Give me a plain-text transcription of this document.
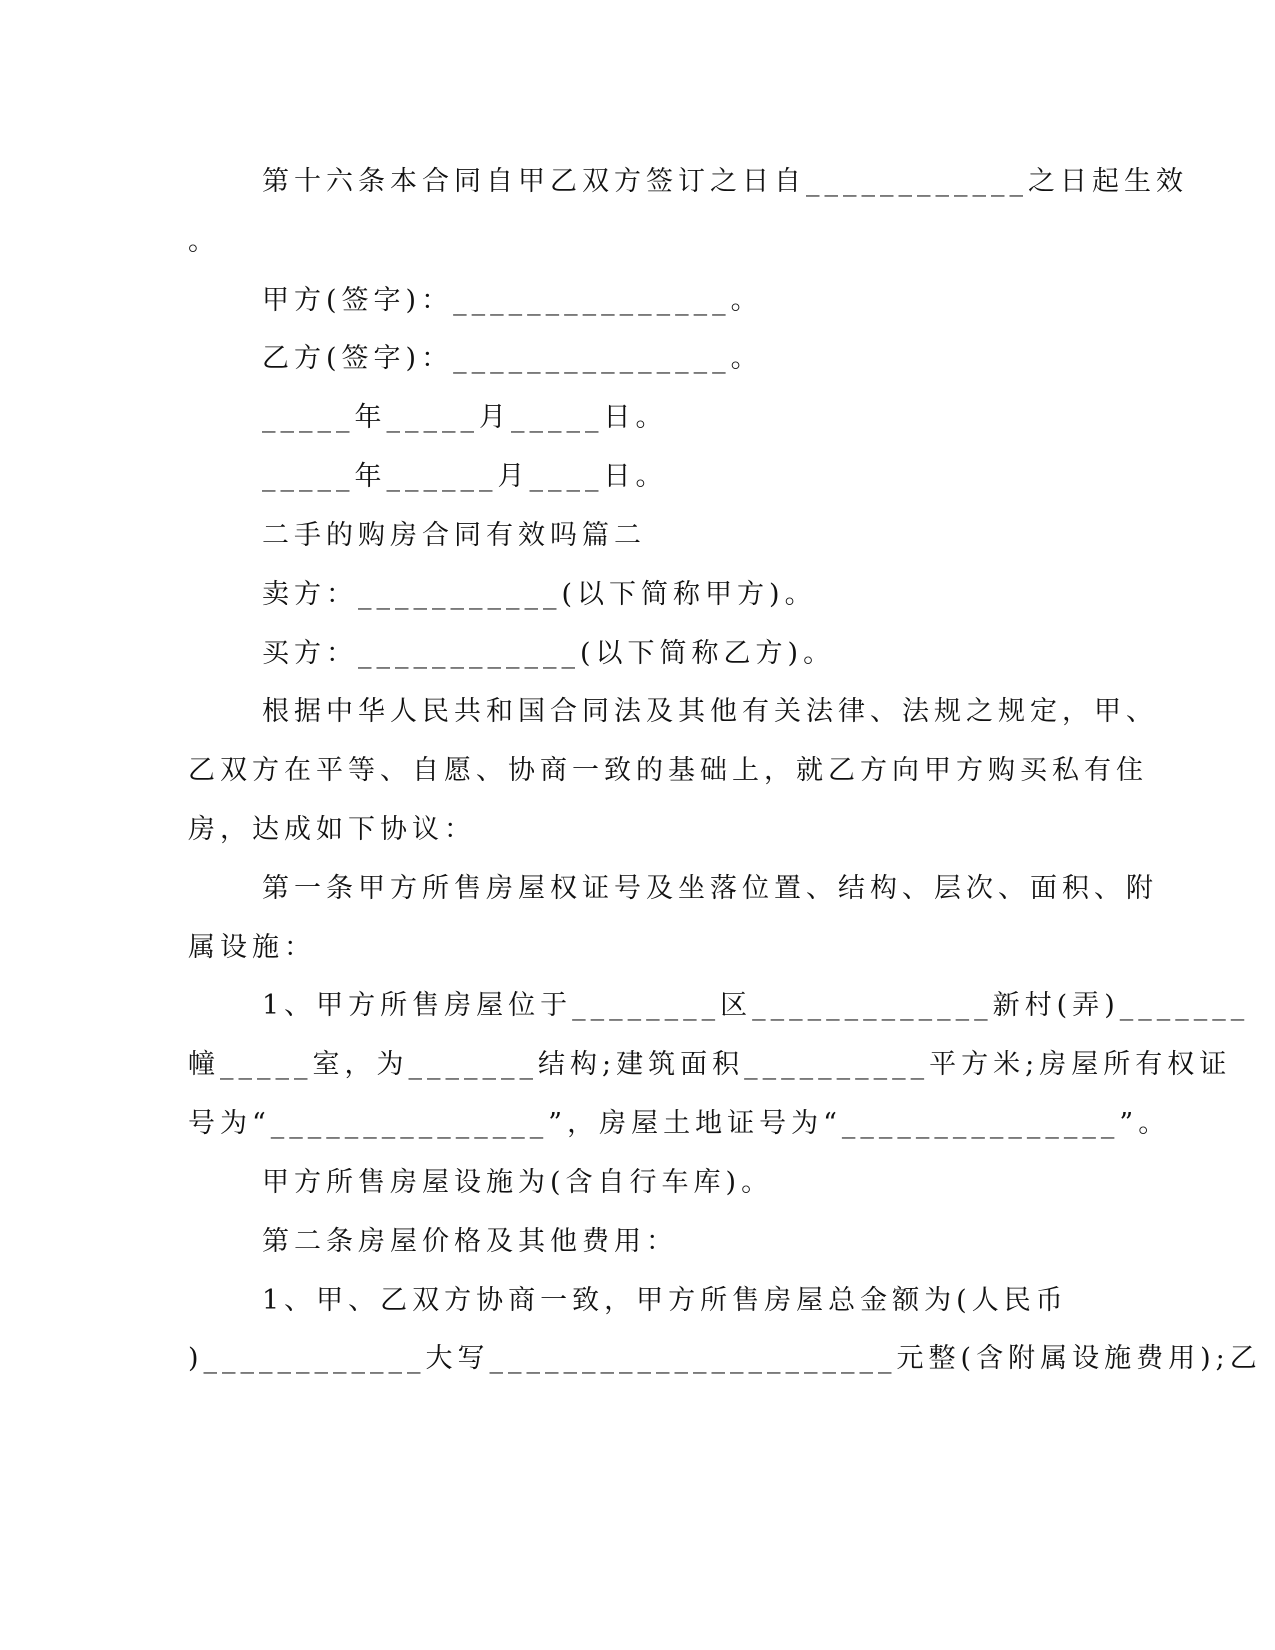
第十六条本合同自甲乙双方签订之日自____________之日起生效
。
甲方(签字)：_______________。
乙方(签字)：_______________。
_____年_____月_____日。
_____年______月____日。
二手的购房合同有效吗篇二
卖方：___________(以下简称甲方)。
买方：____________(以下简称乙方)。
根据中华人民共和国合同法及其他有关法律、法规之规定，甲、
乙双方在平等、自愿、协商一致的基础上，就乙方向甲方购买私有住
房，达成如下协议：
第一条甲方所售房屋权证号及坐落位置、结构、层次、面积、附
属设施：
1、甲方所售房屋位于________区_____________新村(弄)_______
幢_____室，为_______结构;建筑面积__________平方米;房屋所有权证
号为“_______________”，房屋土地证号为“_______________”。
甲方所售房屋设施为(含自行车库)。
第二条房屋价格及其他费用：
1、甲、乙双方协商一致，甲方所售房屋总金额为(人民币
)____________大写______________________元整(含附属设施费用);乙
